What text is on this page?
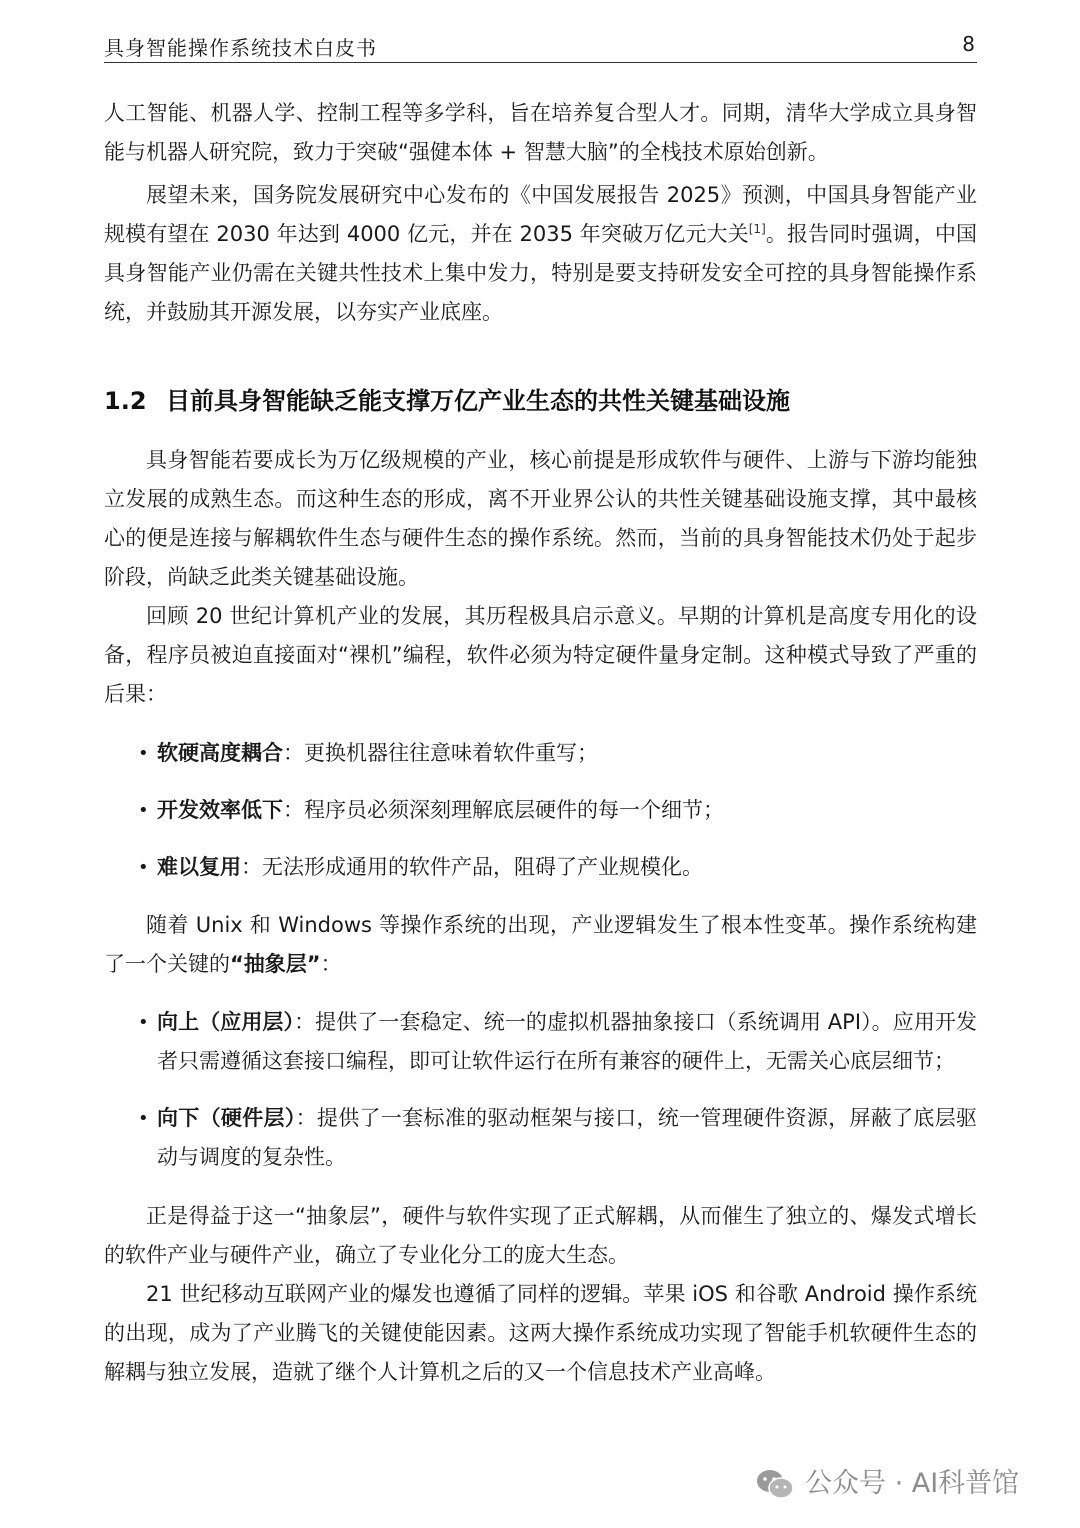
具身智能操作系统技术白皮书	8

人工智能、机器人学、控制工程等多学科，旨在培养复合型人才。同期，清华大学成立具身智能与机器人研究院，致力于突破“强健本体 + 智慧大脑”的全栈技术原始创新。

展望未来，国务院发展研究中心发布的《中国发展报告 2025》预测，中国具身智能产业规模有望在 2030 年达到 4000 亿元，并在 2035 年突破万亿元大关[1]。报告同时强调，中国具身智能产业仍需在关键共性技术上集中发力，特别是要支持研发安全可控的具身智能操作系统，并鼓励其开源发展，以夯实产业底座。

1.2 目前具身智能缺乏能支撑万亿产业生态的共性关键基础设施

具身智能若要成长为万亿级规模的产业，核心前提是形成软件与硬件、上游与下游均能独立发展的成熟生态。而这种生态的形成，离不开业界公认的共性关键基础设施支撑，其中最核心的便是连接与解耦软件生态与硬件生态的操作系统。然而，当前的具身智能技术仍处于起步阶段，尚缺乏此类关键基础设施。

回顾 20 世纪计算机产业的发展，其历程极具启示意义。早期的计算机是高度专用化的设备，程序员被迫直接面对“裸机”编程，软件必须为特定硬件量身定制。这种模式导致了严重的后果：

• 软硬高度耦合：更换机器往往意味着软件重写；
• 开发效率低下：程序员必须深刻理解底层硬件的每一个细节；
• 难以复用：无法形成通用的软件产品，阻碍了产业规模化。

随着 Unix 和 Windows 等操作系统的出现，产业逻辑发生了根本性变革。操作系统构建了一个关键的“抽象层”：

• 向上（应用层）：提供了一套稳定、统一的虚拟机器抽象接口（系统调用 API）。应用开发者只需遵循这套接口编程，即可让软件运行在所有兼容的硬件上，无需关心底层细节；
• 向下（硬件层）：提供了一套标准的驱动框架与接口，统一管理硬件资源，屏蔽了底层驱动与调度的复杂性。

正是得益于这一“抽象层”，硬件与软件实现了正式解耦，从而催生了独立的、爆发式增长的软件产业与硬件产业，确立了专业化分工的庞大生态。

21 世纪移动互联网产业的爆发也遵循了同样的逻辑。苹果 iOS 和谷歌 Android 操作系统的出现，成为了产业腾飞的关键使能因素。这两大操作系统成功实现了智能手机软硬件生态的解耦与独立发展，造就了继个人计算机之后的又一个信息技术产业高峰。

公众号 · AI科普馆
